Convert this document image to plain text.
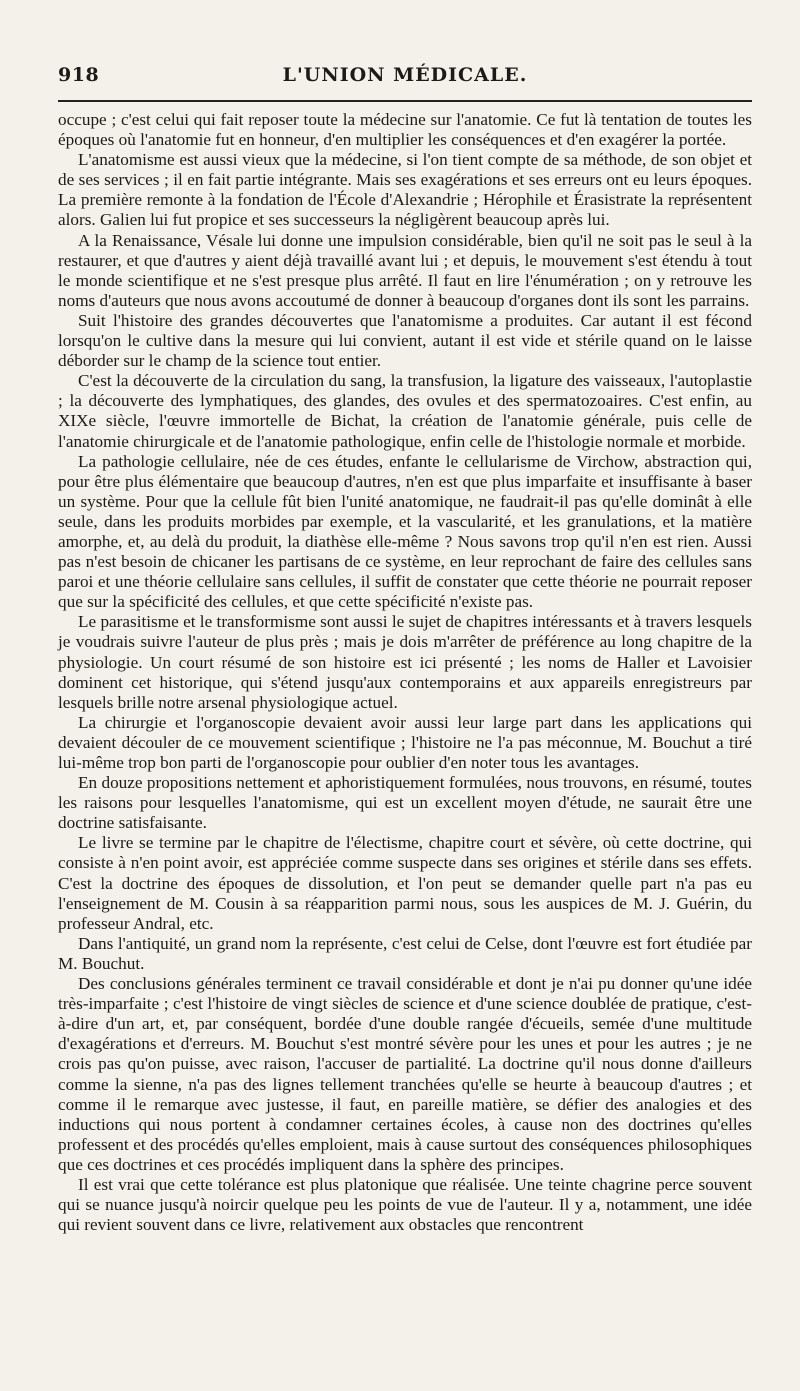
918	L'UNION MÉDICALE.

occupe ; c'est celui qui fait reposer toute la médecine sur l'anatomie. Ce fut là tentation de toutes les époques où l'anatomie fut en honneur, d'en multiplier les conséquences et d'en exagérer la portée.

L'anatomisme est aussi vieux que la médecine, si l'on tient compte de sa méthode, de son objet et de ses services ; il en fait partie intégrante. Mais ses exagérations et ses erreurs ont eu leurs époques. La première remonte à la fondation de l'École d'Alexandrie ; Hérophile et Érasistrate la représentent alors. Galien lui fut propice et ses successeurs la négligèrent beaucoup après lui.

A la Renaissance, Vésale lui donne une impulsion considérable, bien qu'il ne soit pas le seul à la restaurer, et que d'autres y aient déjà travaillé avant lui ; et depuis, le mouvement s'est étendu à tout le monde scientifique et ne s'est presque plus arrêté. Il faut en lire l'énumération ; on y retrouve les noms d'auteurs que nous avons accoutumé de donner à beaucoup d'organes dont ils sont les parrains.

Suit l'histoire des grandes découvertes que l'anatomisme a produites. Car autant il est fécond lorsqu'on le cultive dans la mesure qui lui convient, autant il est vide et stérile quand on le laisse déborder sur le champ de la science tout entier.

C'est la découverte de la circulation du sang, la transfusion, la ligature des vaisseaux, l'autoplastie ; la découverte des lymphatiques, des glandes, des ovules et des spermatozoaires. C'est enfin, au XIXe siècle, l'œuvre immortelle de Bichat, la création de l'anatomie générale, puis celle de l'anatomie chirurgicale et de l'anatomie pathologique, enfin celle de l'histologie normale et morbide.

La pathologie cellulaire, née de ces études, enfante le cellularisme de Virchow, abstraction qui, pour être plus élémentaire que beaucoup d'autres, n'en est que plus imparfaite et insuffisante à baser un système. Pour que la cellule fût bien l'unité anatomique, ne faudrait-il pas qu'elle dominât à elle seule, dans les produits morbides par exemple, et la vascularité, et les granulations, et la matière amorphe, et, au delà du produit, la diathèse elle-même ? Nous savons trop qu'il n'en est rien. Aussi pas n'est besoin de chicaner les partisans de ce système, en leur reprochant de faire des cellules sans paroi et une théorie cellulaire sans cellules, il suffit de constater que cette théorie ne pourrait reposer que sur la spécificité des cellules, et que cette spécificité n'existe pas.

Le parasitisme et le transformisme sont aussi le sujet de chapitres intéressants et à travers lesquels je voudrais suivre l'auteur de plus près ; mais je dois m'arrêter de préférence au long chapitre de la physiologie. Un court résumé de son histoire est ici présenté ; les noms de Haller et Lavoisier dominent cet historique, qui s'étend jusqu'aux contemporains et aux appareils enregistreurs par lesquels brille notre arsenal physiologique actuel.

La chirurgie et l'organoscopie devaient avoir aussi leur large part dans les applications qui devaient découler de ce mouvement scientifique ; l'histoire ne l'a pas méconnue, M. Bouchut a tiré lui-même trop bon parti de l'organoscopie pour oublier d'en noter tous les avantages.

En douze propositions nettement et aphoristiquement formulées, nous trouvons, en résumé, toutes les raisons pour lesquelles l'anatomisme, qui est un excellent moyen d'étude, ne saurait être une doctrine satisfaisante.

Le livre se termine par le chapitre de l'électisme, chapitre court et sévère, où cette doctrine, qui consiste à n'en point avoir, est appréciée comme suspecte dans ses origines et stérile dans ses effets. C'est la doctrine des époques de dissolution, et l'on peut se demander quelle part n'a pas eu l'enseignement de M. Cousin à sa réapparition parmi nous, sous les auspices de M. J. Guérin, du professeur Andral, etc.

Dans l'antiquité, un grand nom la représente, c'est celui de Celse, dont l'œuvre est fort étudiée par M. Bouchut.

Des conclusions générales terminent ce travail considérable et dont je n'ai pu donner qu'une idée très-imparfaite ; c'est l'histoire de vingt siècles de science et d'une science doublée de pratique, c'est-à-dire d'un art, et, par conséquent, bordée d'une double rangée d'écueils, semée d'une multitude d'exagérations et d'erreurs. M. Bouchut s'est montré sévère pour les unes et pour les autres ; je ne crois pas qu'on puisse, avec raison, l'accuser de partialité. La doctrine qu'il nous donne d'ailleurs comme la sienne, n'a pas des lignes tellement tranchées qu'elle se heurte à beaucoup d'autres ; et comme il le remarque avec justesse, il faut, en pareille matière, se défier des analogies et des inductions qui nous portent à condamner certaines écoles, à cause non des doctrines qu'elles professent et des procédés qu'elles emploient, mais à cause surtout des conséquences philosophiques que ces doctrines et ces procédés impliquent dans la sphère des principes.

Il est vrai que cette tolérance est plus platonique que réalisée. Une teinte chagrine perce souvent qui se nuance jusqu'à noircir quelque peu les points de vue de l'auteur. Il y a, notamment, une idée qui revient souvent dans ce livre, relativement aux obstacles que rencontrent
